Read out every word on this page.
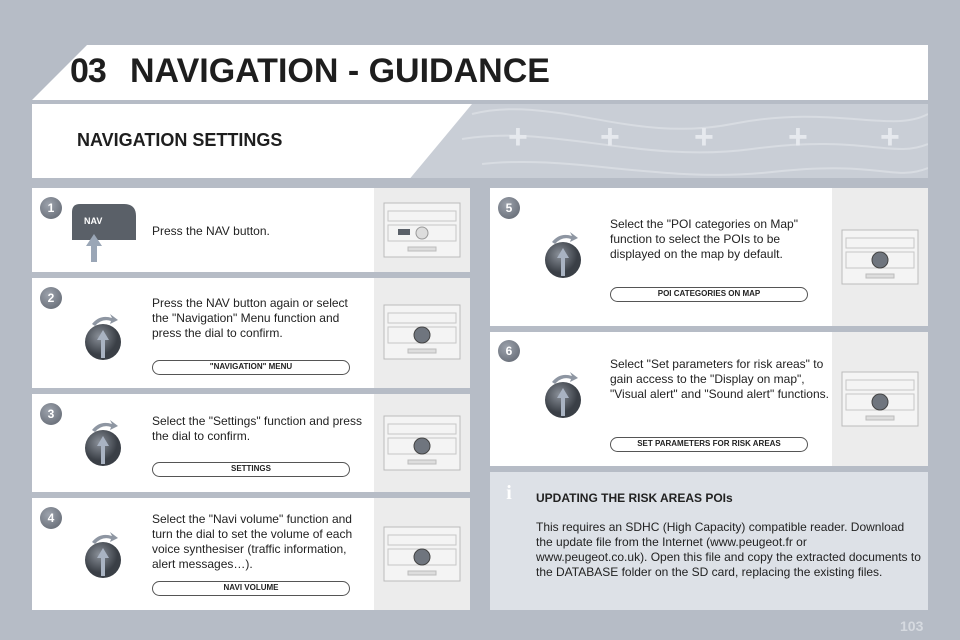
03 NAVIGATION - GUIDANCE
NAVIGATION SETTINGS	+ + + + +
1
2
3
4
5
6
NAV
Press the NAV button.
Press the NAV button again or select the "Navigation" Menu function and press the dial to confirm.
Select the "Settings" function and press the dial to confirm.
Select the "Navi volume" function and turn the dial to set the volume of each voice synthesiser (traffic information, alert messages…).
Select the "POI categories on Map" function to select the POIs to be displayed on the map by default.
Select "Set parameters for risk areas" to gain access to the "Display on map", "Visual alert" and "Sound alert" functions.
"NAVIGATION" MENU
SETTINGS
NAVI VOLUME
POI CATEGORIES ON MAP
SET PARAMETERS FOR RISK AREAS
i	UPDATING THE RISK AREAS POIs
This requires an SDHC (High Capacity) compatible reader. Download the update file from the Internet (www.peugeot.fr or www.peugeot.co.uk). Open this file and copy the extracted documents to the DATABASE folder on the SD card, replacing the existing files.
103
